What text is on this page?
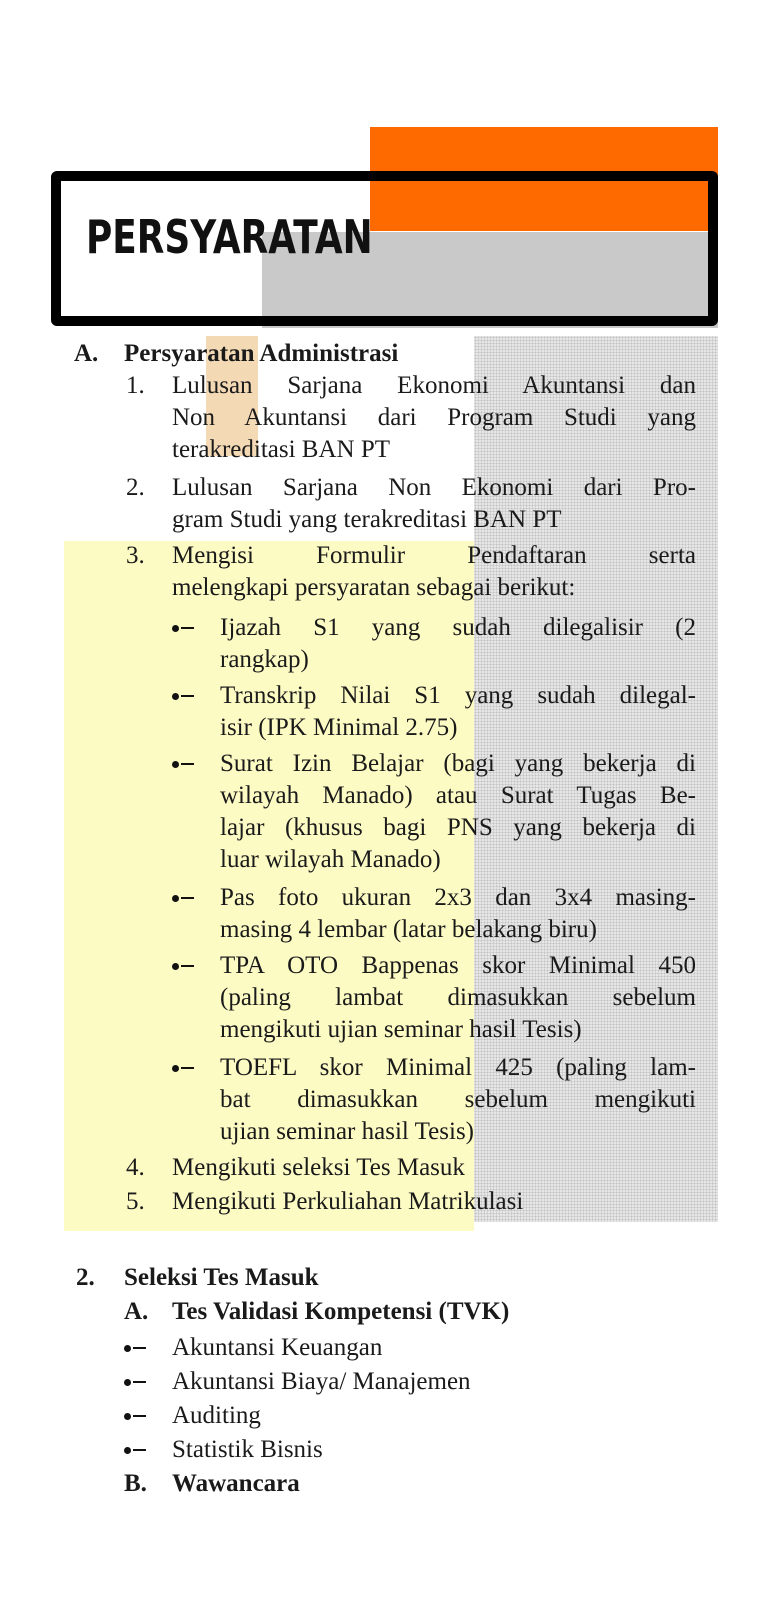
PERSYARATAN

A. Persyaratan Administrasi

1. Lulusan Sarjana Ekonomi Akuntansi dan

Non Akuntansi dari Program Studi yang

terakreditasi BAN PT

2. Lulusan Sarjana Non Ekonomi dari Pro-

gram Studi yang terakreditasi BAN PT

3. Mengisi Formulir Pendaftaran serta

melengkapi persyaratan sebagai berikut:

Ijazah S1 yang sudah dilegalisir (2

rangkap)

Transkrip Nilai S1 yang sudah dilegal-

isir (IPK Minimal 2.75)

Surat Izin Belajar (bagi yang bekerja di

wilayah Manado) atau Surat Tugas Be-

lajar (khusus bagi PNS yang bekerja di

luar wilayah Manado)

Pas foto ukuran 2x3 dan 3x4 masing-

masing 4 lembar (latar belakang biru)

TPA OTO Bappenas skor Minimal 450

(paling lambat dimasukkan sebelum

mengikuti ujian seminar hasil Tesis)

TOEFL skor Minimal 425 (paling lam-

bat dimasukkan sebelum mengikuti

ujian seminar hasil Tesis)

4. Mengikuti seleksi Tes Masuk

5. Mengikuti Perkuliahan Matrikulasi

2. Seleksi Tes Masuk

A. Tes Validasi Kompetensi (TVK)

Akuntansi Keuangan

Akuntansi Biaya/ Manajemen

Auditing

Statistik Bisnis

B. Wawancara
